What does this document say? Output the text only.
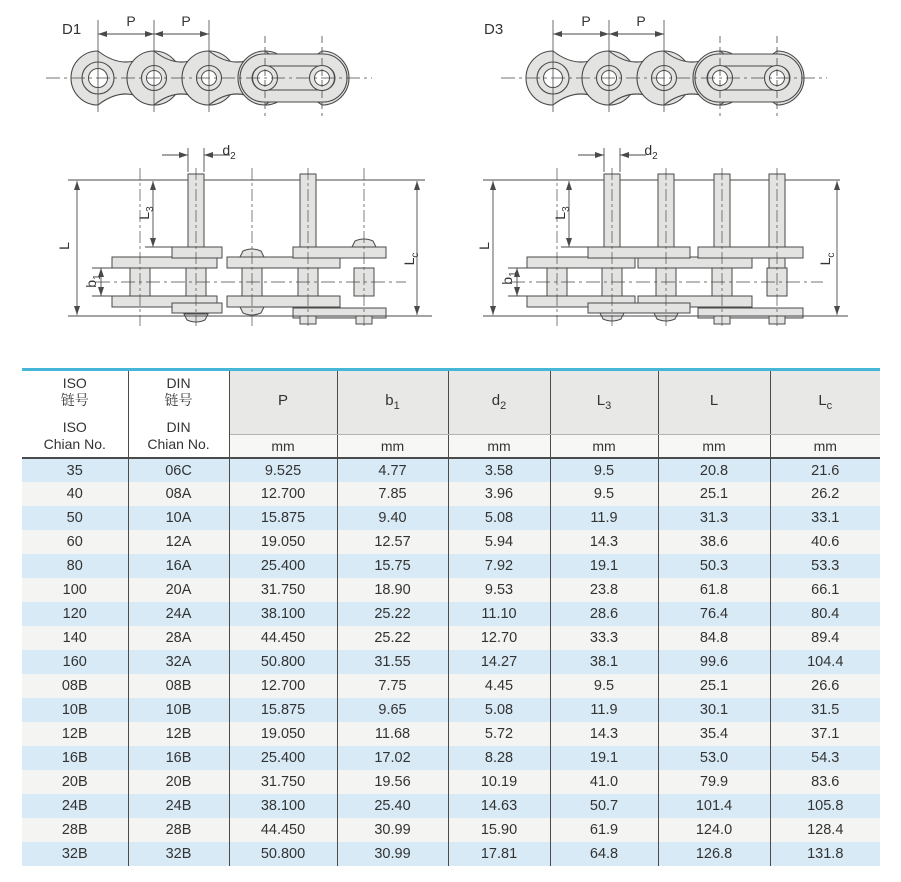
D1	D3
P	P	P	P
$d_2$
$L_3$
L
$b_1$
$L_c$
$d_2$
$L_3$
L
$b_1$
$L_c$
ISO
链号
ISO
Chian No.

DIN
链号
DIN
Chian No.
	P	$b_1$	$d_2$	$L_3$	L	$L_c$
		mm	mm	mm	mm	mm	mm
35	06C	9.525	4.77	3.58	9.5	20.8	21.6
40	08A	12.700	7.85	3.96	9.5	25.1	26.2
50	10A	15.875	9.40	5.08	11.9	31.3	33.1
60	12A	19.050	12.57	5.94	14.3	38.6	40.6
80	16A	25.400	15.75	7.92	19.1	50.3	53.3
100	20A	31.750	18.90	9.53	23.8	61.8	66.1
120	24A	38.100	25.22	11.10	28.6	76.4	80.4
140	28A	44.450	25.22	12.70	33.3	84.8	89.4
160	32A	50.800	31.55	14.27	38.1	99.6	104.4
08B	08B	12.700	7.75	4.45	9.5	25.1	26.6
10B	10B	15.875	9.65	5.08	11.9	30.1	31.5
12B	12B	19.050	11.68	5.72	14.3	35.4	37.1
16B	16B	25.400	17.02	8.28	19.1	53.0	54.3
20B	20B	31.750	19.56	10.19	41.0	79.9	83.6
24B	24B	38.100	25.40	14.63	50.7	101.4	105.8
28B	28B	44.450	30.99	15.90	61.9	124.0	128.4
32B	32B	50.800	30.99	17.81	64.8	126.8	131.8
